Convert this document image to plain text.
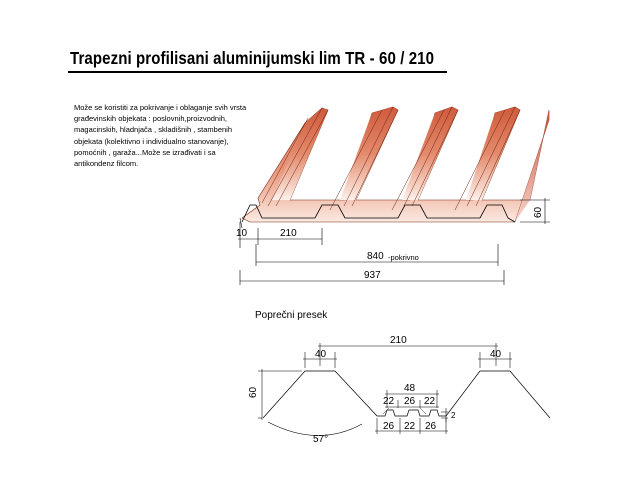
Trapezni profilisani aluminijumski lim TR - 60 / 210
Može se koristiti za pokrivanje i oblaganje svih vrsta
građevinskih objekata : poslovnih,proizvodnih,
magacinskih, hladnjača , skladišnih , stambenih
objekata (kolektivno i individualno stanovanje),
pomoćnih , garaža...Može se izrađivati i sa
antikondenz filcom.
Poprečni presek
10	210
840 -pokrivno
937
60
57°
210
40	40
60	48
22 26 22
26 22 26
2
